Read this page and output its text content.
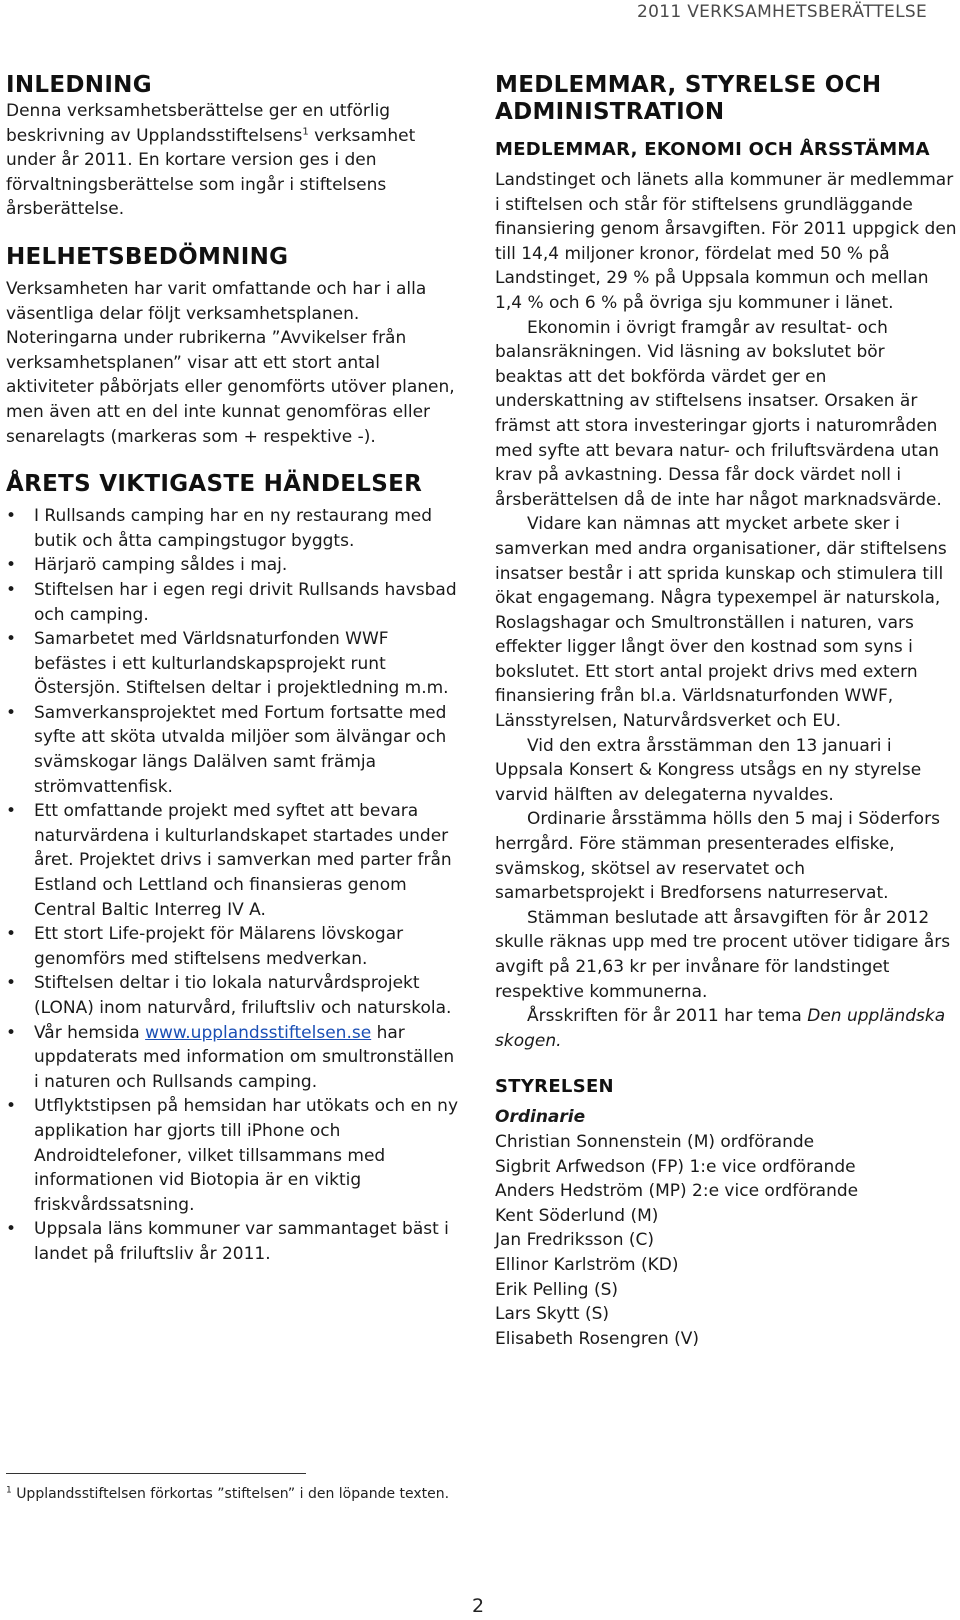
2011 VERKSAMHETSBERÄTTELSE
INLEDNING

Denna verksamhetsberättelse ger en utförlig beskrivning av Upplandsstiftelsens$^1$ verksamhet under år 2011. En kortare version ges i den förvaltningsberättelse som ingår i stiftelsens årsberättelse.

HELHETSBEDÖMNING

Verksamheten har varit omfattande och har i alla väsentliga delar följt verksamhetsplanen. Noteringarna under rubrikerna ”Avvikelser från verksamhetsplanen” visar att ett stort antal aktiviteter påbörjats eller genomförts utöver planen, men även att en del inte kunnat genomföras eller senarelagts (markeras som + respektive -).

ÅRETS VIKTIGASTE HÄNDELSER
• I Rullsands camping har en ny restaurang med butik och åtta campingstugor byggts.
• Härjarö camping såldes i maj.
• Stiftelsen har i egen regi drivit Rullsands havsbad och camping.
• Samarbetet med Världsnaturfonden WWF befästes i ett kulturlandskapsprojekt runt Östersjön. Stiftelsen deltar i projektledning m.m.
• Samverkansprojektet med Fortum fortsatte med syfte att sköta utvalda miljöer som älvängar och svämskogar längs Dalälven samt främja strömvattenfisk.
• Ett omfattande projekt med syftet att bevara naturvärdena i kulturlandskapet startades under året. Projektet drivs i samverkan med parter från Estland och Lettland och finansieras genom Central Baltic Interreg IV A.
• Ett stort Life-projekt för Mälarens lövskogar genomförs med stiftelsens medverkan.
• Stiftelsen deltar i tio lokala naturvårdsprojekt (LONA) inom naturvård, friluftsliv och naturskola.
• Vår hemsida www.upplandsstiftelsen.se har uppdaterats med information om smultronställen i naturen och Rullsands camping.
• Utflyktstipsen på hemsidan har utökats och en ny applikation har gjorts till iPhone och Androidtelefoner, vilket tillsammans med informationen vid Biotopia är en viktig friskvårdssatsning.
• Uppsala läns kommuner var sammantaget bäst i landet på friluftsliv år 2011.
MEDLEMMAR, STYRELSE OCH ADMINISTRATION
MEDLEMMAR, EKONOMI OCH ÅRSSTÄMMA

Landstinget och länets alla kommuner är medlemmar i stiftelsen och står för stiftelsens grundläggande finansiering genom årsavgiften. För 2011 uppgick den till 14,4 miljoner kronor, fördelat med 50 % på Landstinget, 29 % på Uppsala kommun och mellan 1,4 % och 6 % på övriga sju kommuner i länet.

Ekonomin i övrigt framgår av resultat- och balansräkningen. Vid läsning av bokslutet bör beaktas att det bokförda värdet ger en underskattning av stiftelsens insatser. Orsaken är främst att stora investeringar gjorts i naturområden med syfte att bevara natur- och friluftsvärdena utan krav på avkastning. Dessa får dock värdet noll i årsberättelsen då de inte har något marknadsvärde.

Vidare kan nämnas att mycket arbete sker i samverkan med andra organisationer, där stiftelsens insatser består i att sprida kunskap och stimulera till ökat engagemang. Några typexempel är naturskola, Roslagshagar och Smultronställen i naturen, vars effekter ligger långt över den kostnad som syns i bokslutet. Ett stort antal projekt drivs med extern finansiering från bl.a. Världsnaturfonden WWF, Länsstyrelsen, Naturvårdsverket och EU.

Vid den extra årsstämman den 13 januari i Uppsala Konsert & Kongress utsågs en ny styrelse varvid hälften av delegaterna nyvaldes.

Ordinarie årsstämma hölls den 5 maj i Söderfors herrgård. Före stämman presenterades elfiske, svämskog, skötsel av reservatet och samarbetsprojekt i Bredforsens naturreservat.

Stämman beslutade att årsavgiften för år 2012 skulle räknas upp med tre procent utöver tidigare års avgift på 21,63 kr per invånare för landstinget respektive kommunerna.

Årsskriften för år 2011 har tema Den uppländska skogen.

STYRELSEN

Ordinarie

Christian Sonnenstein (M) ordförande

Sigbrit Arfwedson (FP) 1:e vice ordförande

Anders Hedström (MP) 2:e vice ordförande

Kent Söderlund (M)

Jan Fredriksson (C)

Ellinor Karlström (KD)

Erik Pelling (S)

Lars Skytt (S)

Elisabeth Rosengren (V)

$^1$ Upplandsstiftelsen förkortas ”stiftelsen” i den löpande texten.
2
